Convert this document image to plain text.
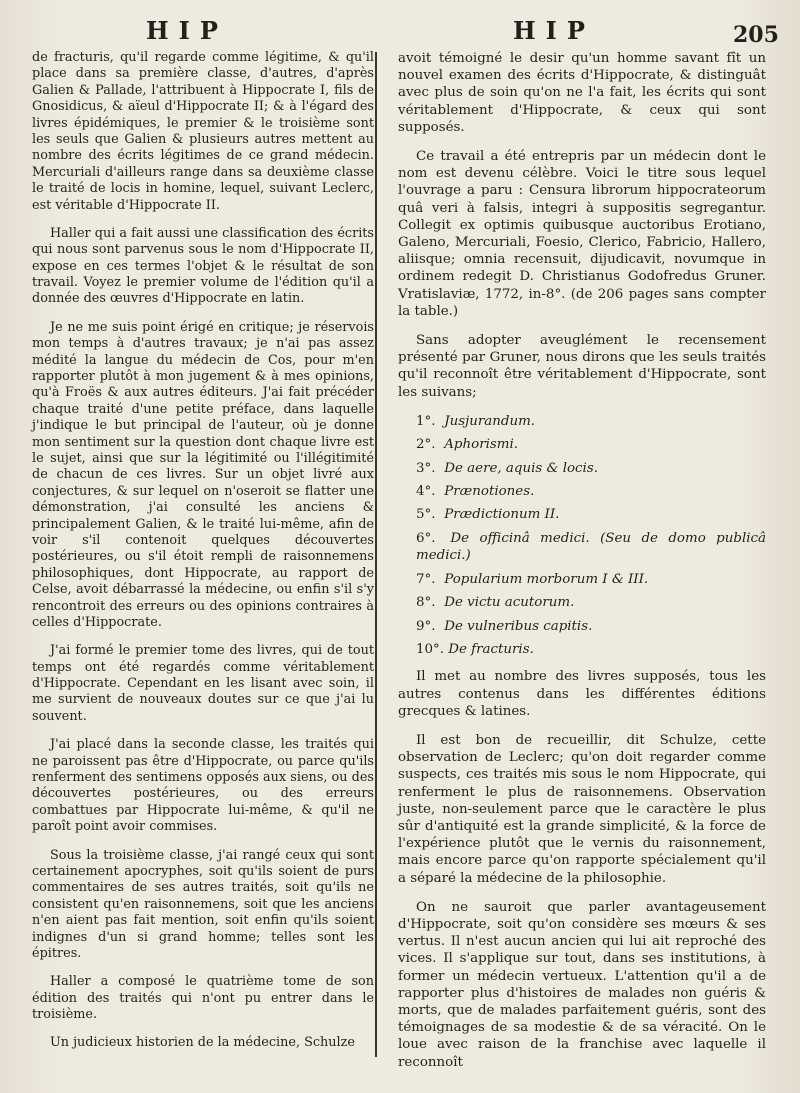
HIP	HIP	205

de fracturis, qu'il regarde comme légitime, & qu'il place dans sa première classe, d'autres, d'après Galien & Pallade, l'attribuent à Hippocrate I, fils de Gnosidicus, & aïeul d'Hippocrate II; & à l'égard des livres épidémiques, le premier & le troisième sont les seuls que Galien & plusieurs autres mettent au nombre des écrits légitimes de ce grand médecin. Mercuriali d'ailleurs range dans sa deuxième classe le traité de locis in homine, lequel, suivant Leclerc, est véritable d'Hippocrate II.

Haller qui a fait aussi une classification des écrits qui nous sont parvenus sous le nom d'Hippocrate II, expose en ces termes l'objet & le résultat de son travail. Voyez le premier volume de l'édition qu'il a donnée des œuvres d'Hippocrate en latin.

Je ne me suis point érigé en critique; je réservois mon temps à d'autres travaux; je n'ai pas assez médité la langue du médecin de Cos, pour m'en rapporter plutôt à mon jugement & à mes opinions, qu'à Froës & aux autres éditeurs. J'ai fait précéder chaque traité d'une petite préface, dans laquelle j'indique le but principal de l'auteur, où je donne mon sentiment sur la question dont chaque livre est le sujet, ainsi que sur la légitimité ou l'illégitimité de chacun de ces livres. Sur un objet livré aux conjectures, & sur lequel on n'oseroit se flatter une démonstration, j'ai consulté les anciens & principalement Galien, & le traité lui-même, afin de voir s'il contenoit quelques découvertes postérieures, ou s'il étoit rempli de raisonnemens philosophiques, dont Hippocrate, au rapport de Celse, avoit débarrassé la médecine, ou enfin s'il s'y rencontroit des erreurs ou des opinions contraires à celles d'Hippocrate.

J'ai formé le premier tome des livres, qui de tout temps ont été regardés comme véritablement d'Hippocrate. Cependant en les lisant avec soin, il me survient de nouveaux doutes sur ce que j'ai lu souvent.

J'ai placé dans la seconde classe, les traités qui ne paroissent pas être d'Hippocrate, ou parce qu'ils renferment des sentimens opposés aux siens, ou des découvertes postérieures, ou des erreurs combattues par Hippocrate lui-même, & qu'il ne paroît point avoir commises.

Sous la troisième classe, j'ai rangé ceux qui sont certainement apocryphes, soit qu'ils soient de purs commentaires de ses autres traités, soit qu'ils ne consistent qu'en raisonnemens, soit que les anciens n'en aient pas fait mention, soit enfin qu'ils soient indignes d'un si grand homme; telles sont les épitres.

Haller a composé le quatrième tome de son édition des traités qui n'ont pu entrer dans le troisième.

Un judicieux historien de la médecine, Schulze

avoit témoigné le desir qu'un homme savant fît un nouvel examen des écrits d'Hippocrate, & distinguât avec plus de soin qu'on ne l'a fait, les écrits qui sont véritablement d'Hippocrate, & ceux qui sont supposés.

Ce travail a été entrepris par un médecin dont le nom est devenu célèbre. Voici le titre sous lequel l'ouvrage a paru : Censura librorum hippocrateorum quâ veri à falsis, integri à suppositis segregantur. Collegit ex optimis quibusque auctoribus Erotiano, Galeno, Mercuriali, Foesio, Clerico, Fabricio, Hallero, aliisque; omnia recensuit, dijudicavit, novumque in ordinem redegit D. Christianus Godofredus Gruner. Vratislaviæ, 1772, in-8°. (de 206 pages sans compter la table.)

Sans adopter aveuglément le recensement présenté par Gruner, nous dirons que les seuls traités qu'il reconnoît être véritablement d'Hippocrate, sont les suivans;

1°. Jusjurandum.
2°. Aphorismi.
3°. De aere, aquis & locis.
4°. Prænotiones.
5°. Prædictionum II.
6°. De officinâ medici. (Seu de domo publicâ medici.)
7°. Popularium morborum I & III.
8°. De victu acutorum.
9°. De vulneribus capitis.
10°. De fracturis.

Il met au nombre des livres supposés, tous les autres contenus dans les différentes éditions grecques & latines.

Il est bon de recueillir, dit Schulze, cette observation de Leclerc; qu'on doit regarder comme suspects, ces traités mis sous le nom Hippocrate, qui renferment le plus de raisonnemens. Observation juste, non-seulement parce que le caractère le plus sûr d'antiquité est la grande simplicité, & la force de l'expérience plutôt que le vernis du raisonnement, mais encore parce qu'on rapporte spécialement qu'il a séparé la médecine de la philosophie.

On ne sauroit que parler avantageusement d'Hippocrate, soit qu'on considère ses mœurs & ses vertus. Il n'est aucun ancien qui lui ait reproché des vices. Il s'applique sur tout, dans ses institutions, à former un médecin vertueux. L'attention qu'il a de rapporter plus d'histoires de malades non guéris & morts, que de malades parfaitement guéris, sont des témoignages de sa modestie & de sa véracité. On le loue avec raison de la franchise avec laquelle il reconnoît
